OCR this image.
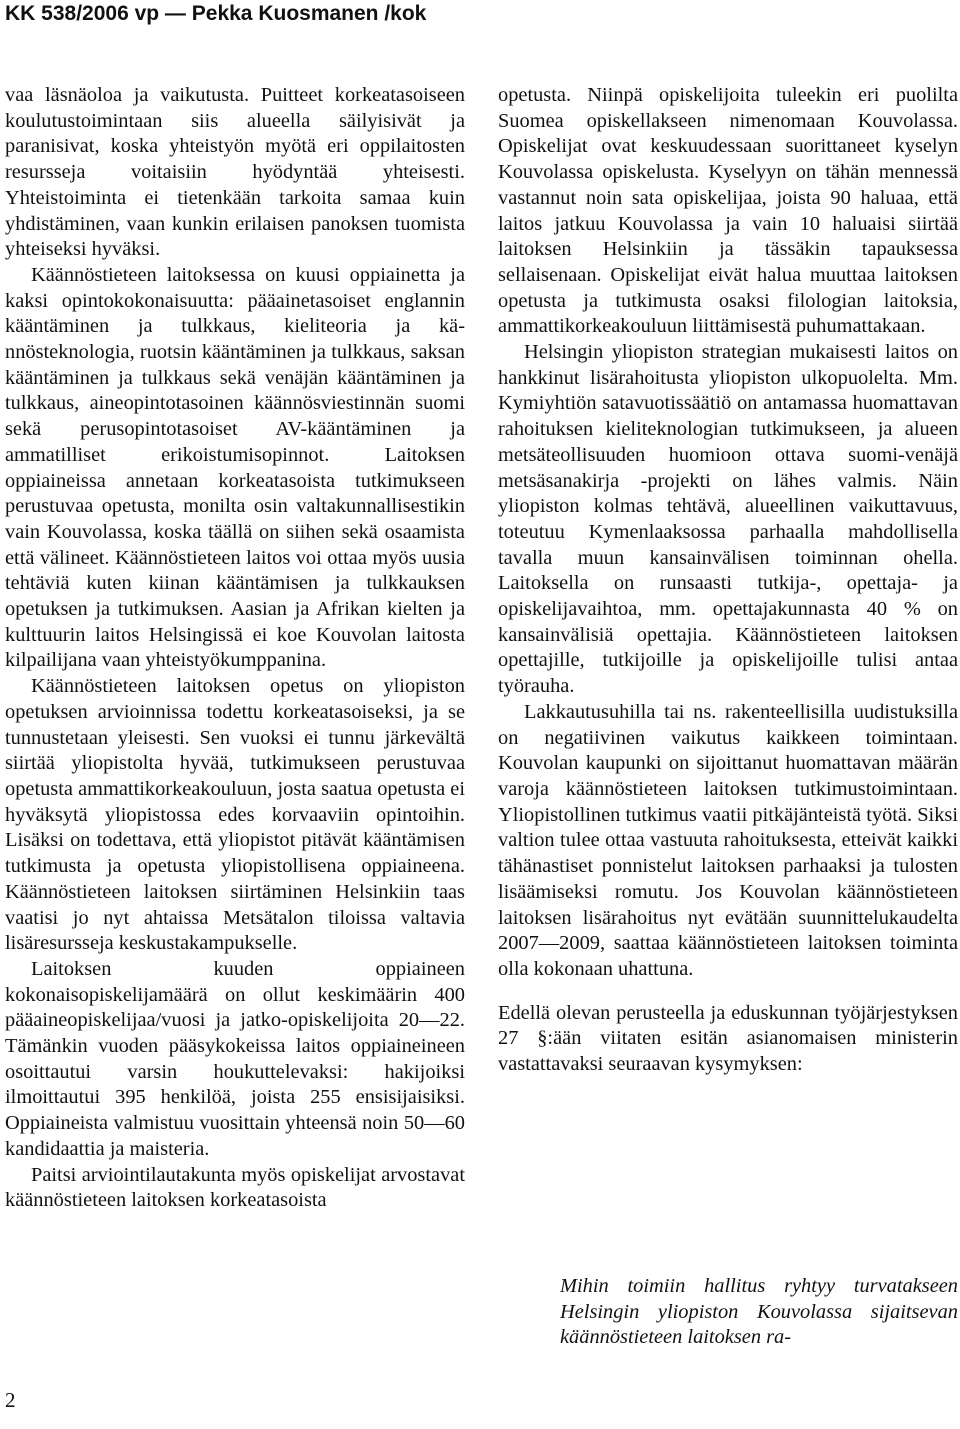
KK 538/2006 vp — Pekka Kuosmanen /kok

vaa läsnäoloa ja vaikutusta. Puitteet korkeatasoiseen koulutustoimintaan siis alueella säilyisivät ja paranisivat, koska yhteistyön myötä eri oppilaitosten resursseja voitaisiin hyödyntää yhteisesti. Yhteistoiminta ei tietenkään tarkoita samaa kuin yhdistäminen, vaan kunkin erilaisen panoksen tuomista yhteiseksi hyväksi.

Käännöstieteen laitoksessa on kuusi oppiainetta ja kaksi opintokokonaisuutta: pääainetasoiset englannin kääntäminen ja tulkkaus, kieliteoria ja kännösteknologia, ruotsin kääntäminen ja tulkkaus, saksan kääntäminen ja tulkkaus sekä venäjän kääntäminen ja tulkkaus, aineopintotasoinen käännösviestinnän suomi sekä perusopintotasoiset AV-kääntäminen ja ammatilliset erikoistumisopinnot. Laitoksen oppiaineissa annetaan korkeatasoista tutkimukseen perustuvaa opetusta, monilta osin valtakunnallisestikin vain Kouvolassa, koska täällä on siihen sekä osaamista että välineet. Käännöstieteen laitos voi ottaa myös uusia tehtäviä kuten kiinan kääntämisen ja tulkkauksen opetuksen ja tutkimuksen. Aasian ja Afrikan kielten ja kulttuurin laitos Helsingissä ei koe Kouvolan laitosta kilpailijana vaan yhteistyökumppanina.

Käännöstieteen laitoksen opetus on yliopiston opetuksen arvioinnissa todettu korkeatasoiseksi, ja se tunnustetaan yleisesti. Sen vuoksi ei tunnu järkevältä siirtää yliopistolta hyvää, tutkimukseen perustuvaa opetusta ammattikorkeakouluun, josta saatua opetusta ei hyväksytä yliopistossa edes korvaaviin opintoihin. Lisäksi on todettava, että yliopistot pitävät kääntämisen tutkimusta ja opetusta yliopistollisena oppiaineena. Käännöstieteen laitoksen siirtäminen Helsinkiin taas vaatisi jo nyt ahtaissa Metsätalon tiloissa valtavia lisäresursseja keskustakampukselle.

Laitoksen kuuden oppiaineen kokonaisopiskelijamäärä on ollut keskimäärin 400 pääaineopiskelijaa/vuosi ja jatko-opiskelijoita 20—22. Tämänkin vuoden pääsykokeissa laitos oppiaineineen osoittautui varsin houkuttelevaksi: hakijoiksi ilmoittautui 395 henkilöä, joista 255 ensisijaisiksi. Oppiaineista valmistuu vuosittain yhteensä noin 50—60 kandidaattia ja maisteria.

Paitsi arviointilautakunta myös opiskelijat arvostavat käännöstieteen laitoksen korkeatasoista

opetusta. Niinpä opiskelijoita tuleekin eri puolilta Suomea opiskellakseen nimenomaan Kouvolassa. Opiskelijat ovat keskuudessaan suorittaneet kyselyn Kouvolassa opiskelusta. Kyselyyn on tähän mennessä vastannut noin sata opiskelijaa, joista 90 haluaa, että laitos jatkuu Kouvolassa ja vain 10 haluaisi siirtää laitoksen Helsinkiin ja tässäkin tapauksessa sellaisenaan. Opiskelijat eivät halua muuttaa laitoksen opetusta ja tutkimusta osaksi filologian laitoksia, ammattikorkeakouluun liittämisestä puhumattakaan.

Helsingin yliopiston strategian mukaisesti laitos on hankkinut lisärahoitusta yliopiston ulkopuolelta. Mm. Kymiyhtiön satavuotissäätiö on antamassa huomattavan rahoituksen kieliteknologian tutkimukseen, ja alueen metsäteollisuuden huomioon ottava suomi-venäjä metsäsanakirja -projekti on lähes valmis. Näin yliopiston kolmas tehtävä, alueellinen vaikuttavuus, toteutuu Kymenlaaksossa parhaalla mahdollisella tavalla muun kansainvälisen toiminnan ohella. Laitoksella on runsaasti tutkija-, opettaja- ja opiskelijavaihtoa, mm. opettajakunnasta 40 % on kansainvälisiä opettajia. Käännöstieteen laitoksen opettajille, tutkijoille ja opiskelijoille tulisi antaa työrauha.

Lakkautusuhilla tai ns. rakenteellisilla uudistuksilla on negatiivinen vaikutus kaikkeen toimintaan. Kouvolan kaupunki on sijoittanut huomattavan määrän varoja käännöstieteen laitoksen tutkimustoimintaan. Yliopistollinen tutkimus vaatii pitkäjänteistä työtä. Siksi valtion tulee ottaa vastuuta rahoituksesta, etteivät kaikki tähänastiset ponnistelut laitoksen parhaaksi ja tulosten lisäämiseksi romutu. Jos Kouvolan käännöstieteen laitoksen lisärahoitus nyt evätään suunnittelukaudelta 2007—2009, saattaa käännöstieteen laitoksen toiminta olla kokonaan uhattuna.

Edellä olevan perusteella ja eduskunnan työjärjestyksen 27 §:ään viitaten esitän asianomaisen ministerin vastattavaksi seuraavan kysymyksen:

Mihin toimiin hallitus ryhtyy turvatakseen Helsingin yliopiston Kouvolassa sijaitsevan käännöstieteen laitoksen ra-
2
